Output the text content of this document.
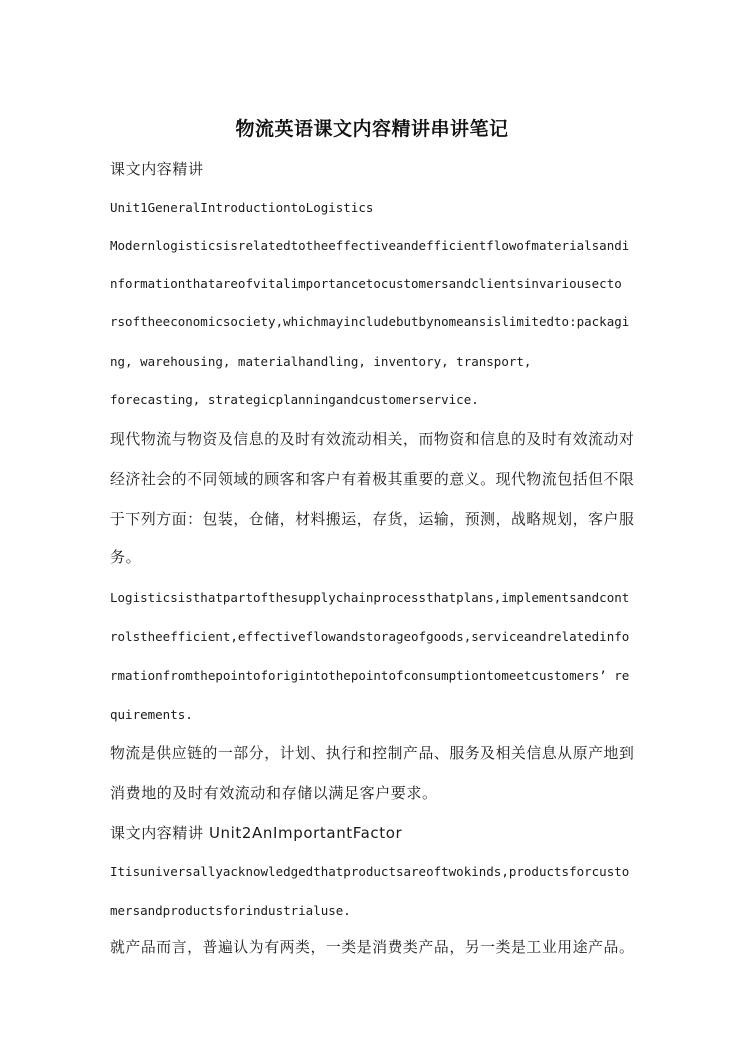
物流英语课文内容精讲串讲笔记
课文内容精讲
Unit1GeneralIntroductiontoLogistics
Modernlogisticsisrelatedtotheeffectiveandefficientflowofmaterialsandi
nformationthatareofvitalimportancetocustomersandclientsinvariousecto
rsoftheeconomicsociety,whichmayincludebutbynomeansislimitedto:packagi
ng, warehousing, materialhandling, inventory, transport,
forecasting, strategicplanningandcustomerservice.
现代物流与物资及信息的及时有效流动相关，而物资和信息的及时有效流动对
经济社会的不同领域的顾客和客户有着极其重要的意义。现代物流包括但不限
于下列方面：包装，仓储，材料搬运，存货，运输，预测，战略规划，客户服
务。
Logisticsisthatpartofthesupplychainprocessthatplans,implementsandcont
rolstheefficient,effectiveflowandstorageofgoods,serviceandrelatedinfo
rmationfromthepointoforigintothepointofconsumptiontomeetcustomers’ re
quirements.
物流是供应链的一部分，计划、执行和控制产品、服务及相关信息从原产地到
消费地的及时有效流动和存储以满足客户要求。
课文内容精讲 Unit2AnImportantFactor
Itisuniversallyacknowledgedthatproductsareoftwokinds,productsforcusto
mersandproductsforindustrialuse.
就产品而言，普遍认为有两类，一类是消费类产品，另一类是工业用途产品。
